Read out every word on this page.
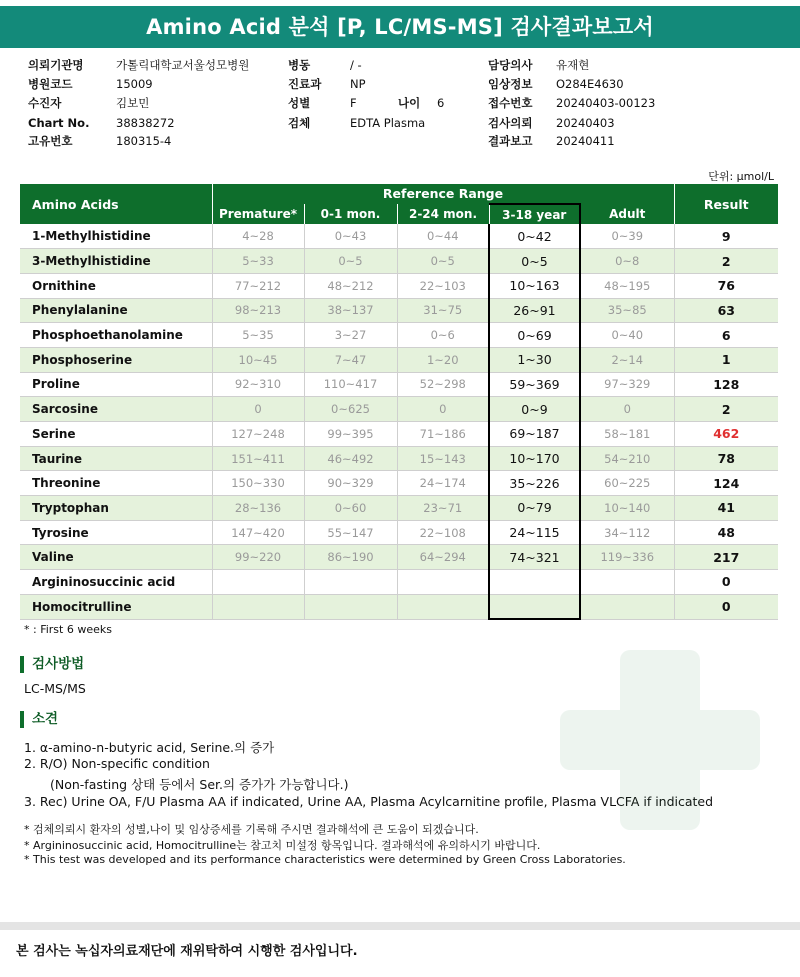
Amino Acid 분석 [P, LC/MS-MS] 검사결과보고서
의뢰기관명	가톨릭대학교서울성모병원	병동	/ -	담당의사 유재현
병원코드	15009	진료과 NP	임상정보 O284E4630
수진자	김보민	성별	F	나이 6	접수번호 20240403-00123
Chart No. 38838272	검체	EDTA Plasma	검사의뢰 20240403
고유번호	180315-4	결과보고 20240411
단위: μmol/L
Amino Acids	Reference Range					Result
	Premature*	0-1 mon.	2-24 mon.	3-18 year	Adult	
1-Methylhistidine	4~28	0~43	0~44	0~42	0~39	9
3-Methylhistidine	5~33	0~5	0~5	0~5	0~8	2
Ornithine	77~212	48~212	22~103	10~163	48~195	76
Phenylalanine	98~213	38~137	31~75	26~91	35~85	63
Phosphoethanolamine	5~35	3~27	0~6	0~69	0~40	6
Phosphoserine	10~45	7~47	1~20	1~30	2~14	1
Proline	92~310	110~417	52~298	59~369	97~329	128
Sarcosine	0	0~625	0	0~9	0	2
Serine	127~248	99~395	71~186	69~187	58~181	462
Taurine	151~411	46~492	15~143	10~170	54~210	78
Threonine	150~330	90~329	24~174	35~226	60~225	124
Tryptophan	28~136	0~60	23~71	0~79	10~140	41
Tyrosine	147~420	55~147	22~108	24~115	34~112	48
Valine	99~220	86~190	64~294	74~321	119~336	217
Argininosuccinic acid						0
Homocitrulline						0
* : First 6 weeks
검사방법
LC-MS/MS
소견
1. α-amino-n-butyric acid, Serine.의 증가
2. R/O) Non-specific condition
(Non-fasting 상태 등에서 Ser.의 증가가 가능합니다.)
3. Rec) Urine OA, F/U Plasma AA if indicated, Urine AA, Plasma Acylcarnitine profile, Plasma VLCFA if indicated
* 검체의뢰시 환자의 성별,나이 및 임상증세를 기록해 주시면 결과해석에 큰 도움이 되겠습니다.
* Argininosuccinic acid, Homocitrulline는 참고치 미설정 항목입니다. 결과해석에 유의하시기 바랍니다.
* This test was developed and its performance characteristics were determined by Green Cross Laboratories.
본 검사는 녹십자의료재단에 재위탁하여 시행한 검사입니다.
